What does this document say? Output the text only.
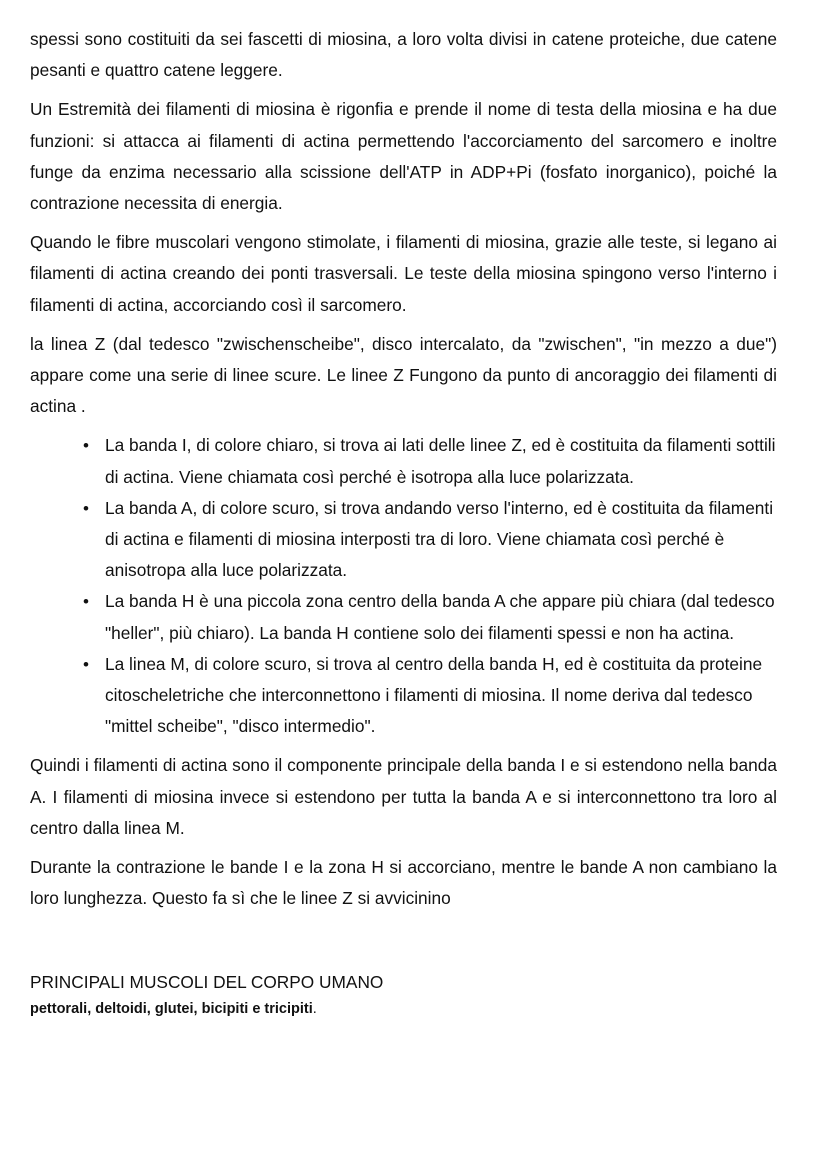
spessi sono costituiti da sei fascetti di miosina, a loro volta divisi in catene proteiche, due catene pesanti e quattro catene leggere.

Un Estremità dei filamenti di miosina è rigonfia e prende il nome di testa della miosina e ha due funzioni: si attacca ai filamenti di actina permettendo l'accorciamento del sarcomero e inoltre funge da enzima necessario alla scissione dell'ATP in ADP+Pi (fosfato inorganico), poiché la contrazione necessita di energia.

Quando le fibre muscolari vengono stimolate, i filamenti di miosina, grazie alle teste, si legano ai filamenti di actina creando dei ponti trasversali. Le teste della miosina spingono verso l'interno i filamenti di actina, accorciando così il sarcomero.

la linea Z (dal tedesco "zwischenscheibe", disco intercalato, da "zwischen", "in mezzo a due") appare come una serie di linee scure. Le linee Z Fungono da punto di ancoraggio dei filamenti di actina .

• La banda I, di colore chiaro, si trova ai lati delle linee Z, ed è costituita da filamenti sottili di actina. Viene chiamata così perché è isotropa alla luce polarizzata.
• La banda A, di colore scuro, si trova andando verso l'interno, ed è costituita da filamenti di actina e filamenti di miosina interposti tra di loro. Viene chiamata così perché è anisotropa alla luce polarizzata.
• La banda H è una piccola zona centro della banda A che appare più chiara (dal tedesco "heller", più chiaro). La banda H contiene solo dei filamenti spessi e non ha actina.
• La linea M, di colore scuro, si trova al centro della banda H, ed è costituita da proteine citoscheletriche che interconnettono i filamenti di miosina. Il nome deriva dal tedesco "mittel scheibe", "disco intermedio".

Quindi i filamenti di actina sono il componente principale della banda I e si estendono nella banda A. I filamenti di miosina invece si estendono per tutta la banda A e si interconnettono tra loro al centro dalla linea M.

Durante la contrazione le bande I e la zona H si accorciano, mentre le bande A non cambiano la loro lunghezza. Questo fa sì che le linee Z si avvicinino

PRINCIPALI MUSCOLI DEL CORPO UMANO
pettorali, deltoidi, glutei, bicipiti e tricipiti.
